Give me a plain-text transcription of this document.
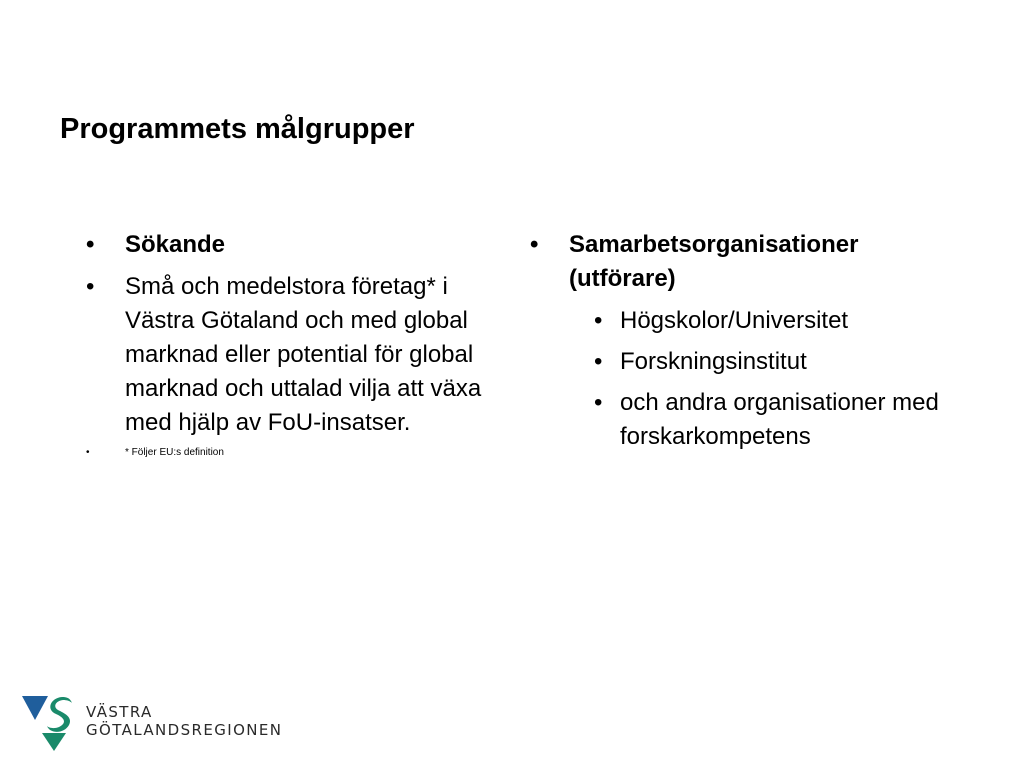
Programmets målgrupper
• Sökande
• Små och medelstora företag* i Västra Götaland och med global marknad eller potential för global marknad och uttalad vilja att växa med hjälp av FoU-insatser.
• * Följer EU:s definition
• Samarbetsorganisationer (utförare)
• Högskolor/Universitet
• Forskningsinstitut
• och andra organisationer med forskarkompetens
VÄSTRA
GÖTALANDSREGIONEN
